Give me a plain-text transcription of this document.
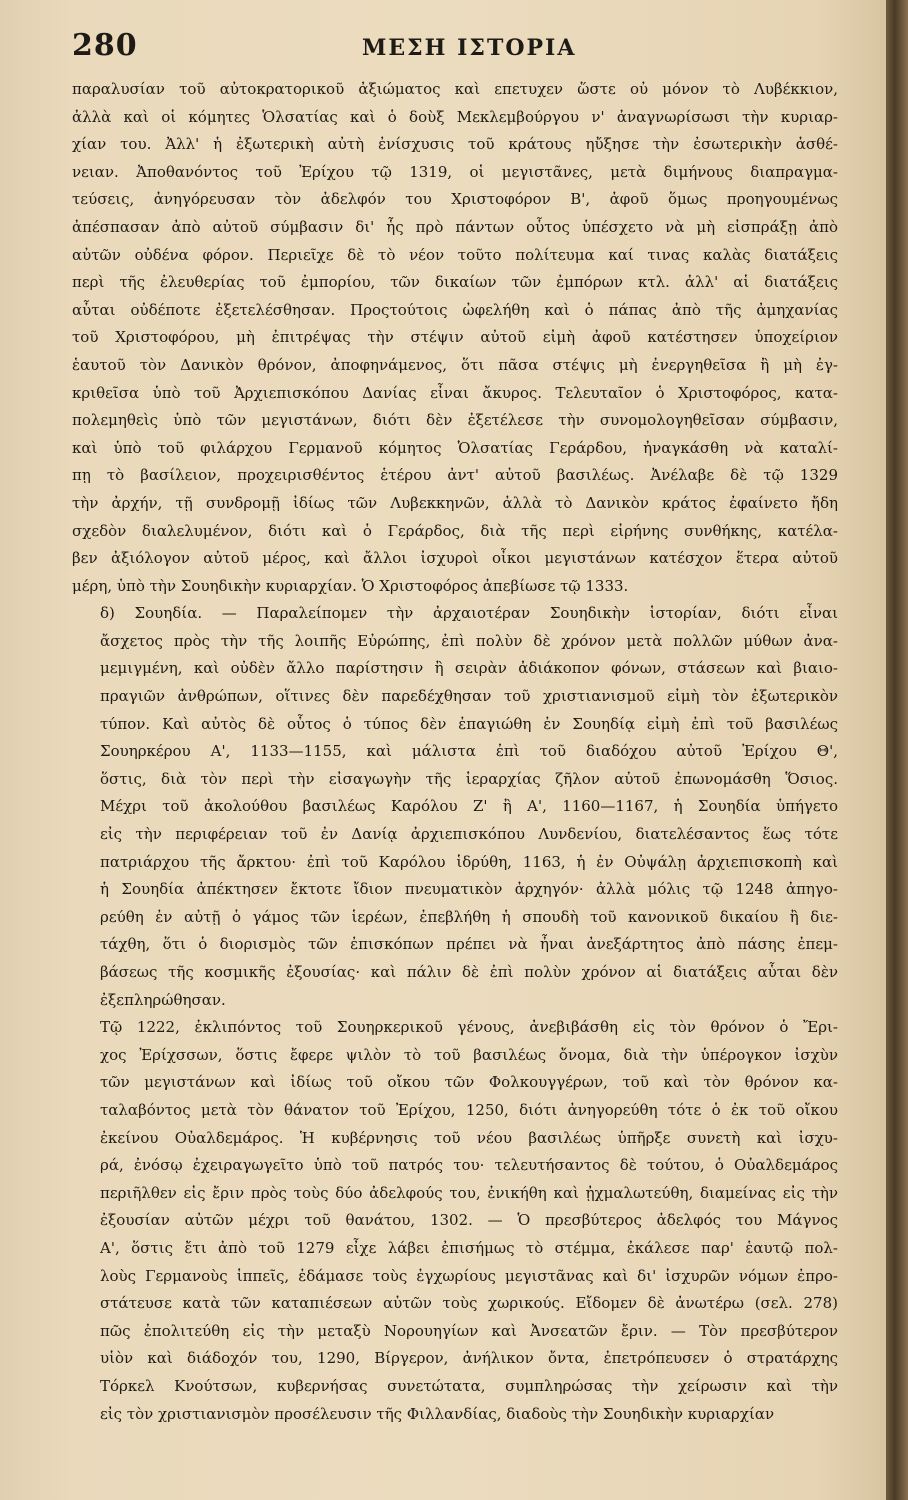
280	ΜΕΣΗ ΙΣΤΟΡΙΑ

παραλυσίαν τοῦ αὐτοκρατορικοῦ ἀξιώματος καὶ επετυχεν ὥστε οὐ μόνον τὸ Λυβέκκιον,
ἀλλὰ καὶ οἱ κόμητες Ὁλσατίας καὶ ὁ δοὺξ Μεκλεμβούργου ν' ἀναγνωρίσωσι τὴν κυριαρ-
χίαν του. Ἀλλ' ἡ ἐξωτερικὴ αὐτὴ ἐνίσχυσις τοῦ κράτους ηὔξησε τὴν ἐσωτερικὴν ἀσθέ-
νειαν. Ἀποθανόντος τοῦ Ἐρίχου τῷ 1319, οἱ μεγιστᾶνες, μετὰ διμήνους διαπραγμα-
τεύσεις, ἀνηγόρευσαν τὸν ἀδελφόν του Χριστοφόρον Β', ἀφοῦ ὅμως προηγουμένως
ἀπέσπασαν ἀπὸ αὐτοῦ σύμβασιν δι' ἧς πρὸ πάντων οὗτος ὑπέσχετο νὰ μὴ εἰσπράξῃ ἀπὸ
αὐτῶν οὐδένα φόρον. Περιεῖχε δὲ τὸ νέον τοῦτο πολίτευμα καί τινας καλὰς διατάξεις
περὶ τῆς ἐλευθερίας τοῦ ἐμπορίου, τῶν δικαίων τῶν ἐμπόρων κτλ. ἀλλ' αἱ διατάξεις
αὗται οὐδέποτε ἐξετελέσθησαν. Προςτούτοις ὠφελήθη καὶ ὁ πάπας ἀπὸ τῆς ἀμηχανίας
τοῦ Χριστοφόρου, μὴ ἐπιτρέψας τὴν στέψιν αὐτοῦ εἰμὴ ἀφοῦ κατέστησεν ὑποχείριον
ἑαυτοῦ τὸν Δανικὸν θρόνον, ἀποφηνάμενος, ὅτι πᾶσα στέψις μὴ ἐνεργηθεῖσα ἢ μὴ ἐγ-
κριθεῖσα ὑπὸ τοῦ Ἀρχιεπισκόπου Δανίας εἶναι ἄκυρος. Τελευταῖον ὁ Χριστοφόρος, κατα-
πολεμηθεὶς ὑπὸ τῶν μεγιστάνων, διότι δὲν ἐξετέλεσε τὴν συνομολογηθεῖσαν σύμβασιν,
καὶ ὑπὸ τοῦ φιλάρχου Γερμανοῦ κόμητος Ὁλσατίας Γεράρδου, ἠναγκάσθη νὰ καταλί-
πῃ τὸ βασίλειον, προχειρισθέντος ἑτέρου ἀντ' αὐτοῦ βασιλέως. Ἀνέλαβε δὲ τῷ 1329
τὴν ἀρχήν, τῇ συνδρομῇ ἰδίως τῶν Λυβεκκηνῶν, ἀλλὰ τὸ Δανικὸν κράτος ἐφαίνετο ἤδη
σχεδὸν διαλελυμένον, διότι καὶ ὁ Γεράρδος, διὰ τῆς περὶ εἰρήνης συνθήκης, κατέλα-
βεν ἀξιόλογον αὐτοῦ μέρος, καὶ ἄλλοι ἰσχυροὶ οἶκοι μεγιστάνων κατέσχον ἕτερα αὐτοῦ
μέρη, ὑπὸ τὴν Σουηδικὴν κυριαρχίαν. Ὁ Χριστοφόρος ἀπεβίωσε τῷ 1333.

δ) Σουηδία. — Παραλείπομεν τὴν ἀρχαιοτέραν Σουηδικὴν ἱστορίαν, διότι εἶναι
ἄσχετος πρὸς τὴν τῆς λοιπῆς Εὐρώπης, ἐπὶ πολὺν δὲ χρόνον μετὰ πολλῶν μύθων ἀνα-
μεμιγμένη, καὶ οὐδὲν ἄλλο παρίστησιν ἢ σειρὰν ἀδιάκοπον φόνων, στάσεων καὶ βιαιο-
πραγιῶν ἀνθρώπων, οἵτινες δὲν παρεδέχθησαν τοῦ χριστιανισμοῦ εἰμὴ τὸν ἐξωτερικὸν
τύπον. Καὶ αὐτὸς δὲ οὗτος ὁ τύπος δὲν ἐπαγιώθη ἐν Σουηδίᾳ εἰμὴ ἐπὶ τοῦ βασιλέως
Σουηρκέρου Α', 1133—1155, καὶ μάλιστα ἐπὶ τοῦ διαδόχου αὐτοῦ Ἐρίχου Θ',
ὅστις, διὰ τὸν περὶ τὴν εἰσαγωγὴν τῆς ἱεραρχίας ζῆλον αὐτοῦ ἐπωνομάσθη Ὅσιος.
Μέχρι τοῦ ἀκολούθου βασιλέως Καρόλου Ζ' ἢ Α', 1160—1167, ἡ Σουηδία ὑπήγετο
εἰς τὴν περιφέρειαν τοῦ ἐν Δανίᾳ ἀρχιεπισκόπου Λυνδενίου, διατελέσαντος ἕως τότε
πατριάρχου τῆς ἄρκτου· ἐπὶ τοῦ Καρόλου ἱδρύθη, 1163, ἡ ἐν Οὐψάλῃ ἀρχιεπισκοπὴ καὶ
ἡ Σουηδία ἀπέκτησεν ἔκτοτε ἴδιον πνευματικὸν ἀρχηγόν· ἀλλὰ μόλις τῷ 1248 ἀπηγο-
ρεύθη ἐν αὐτῇ ὁ γάμος τῶν ἱερέων, ἐπεβλήθη ἡ σπουδὴ τοῦ κανονικοῦ δικαίου ἢ διε-
τάχθη, ὅτι ὁ διορισμὸς τῶν ἐπισκόπων πρέπει νὰ ἦναι ἀνεξάρτητος ἀπὸ πάσης ἐπεμ-
βάσεως τῆς κοσμικῆς ἐξουσίας· καὶ πάλιν δὲ ἐπὶ πολὺν χρόνον αἱ διατάξεις αὗται δὲν
ἐξεπληρώθησαν.

Τῷ 1222, ἐκλιπόντος τοῦ Σουηρκερικοῦ γένους, ἀνεβιβάσθη εἰς τὸν θρόνον ὁ Ἔρι-
χος Ἐρίχσσων, ὅστις ἔφερε ψιλὸν τὸ τοῦ βασιλέως ὄνομα, διὰ τὴν ὑπέρογκον ἰσχὺν
τῶν μεγιστάνων καὶ ἰδίως τοῦ οἴκου τῶν Φολκουγγέρων, τοῦ καὶ τὸν θρόνον κα-
ταλαβόντος μετὰ τὸν θάνατον τοῦ Ἐρίχου, 1250, διότι ἀνηγορεύθη τότε ὁ ἐκ τοῦ οἴκου
ἐκείνου Οὐαλδεμάρος. Ἡ κυβέρνησις τοῦ νέου βασιλέως ὑπῆρξε συνετὴ καὶ ἰσχυ-
ρά, ἐνόσῳ ἐχειραγωγεῖτο ὑπὸ τοῦ πατρός του· τελευτήσαντος δὲ τούτου, ὁ Οὐαλδεμάρος
περιῆλθεν εἰς ἔριν πρὸς τοὺς δύο ἀδελφούς του, ἐνικήθη καὶ ᾐχμαλωτεύθη, διαμείνας εἰς τὴν
ἐξουσίαν αὐτῶν μέχρι τοῦ θανάτου, 1302. — Ὁ πρεσβύτερος ἀδελφός του Μάγνος
Α', ὅστις ἔτι ἀπὸ τοῦ 1279 εἶχε λάβει ἐπισήμως τὸ στέμμα, ἐκάλεσε παρ' ἑαυτῷ πολ-
λοὺς Γερμανοὺς ἱππεῖς, ἐδάμασε τοὺς ἐγχωρίους μεγιστᾶνας καὶ δι' ἰσχυρῶν νόμων ἐπρο-
στάτευσε κατὰ τῶν καταπιέσεων αὐτῶν τοὺς χωρικούς. Εἴδομεν δὲ ἀνωτέρω (σελ. 278)
πῶς ἐπολιτεύθη εἰς τὴν μεταξὺ Νορουηγίων καὶ Ἀνσεατῶν ἔριν. — Τὸν πρεσβύτερον
υἱὸν καὶ διάδοχόν του, 1290, Βίργερον, ἀνήλικον ὄντα, ἐπετρόπευσεν ὁ στρατάρχης
Τόρκελ Κνούτσων, κυβερνήσας συνετώτατα, συμπληρώσας τὴν χείρωσιν καὶ τὴν
εἰς τὸν χριστιανισμὸν προσέλευσιν τῆς Φιλλανδίας, διαδοὺς τὴν Σουηδικὴν κυριαρχίαν
